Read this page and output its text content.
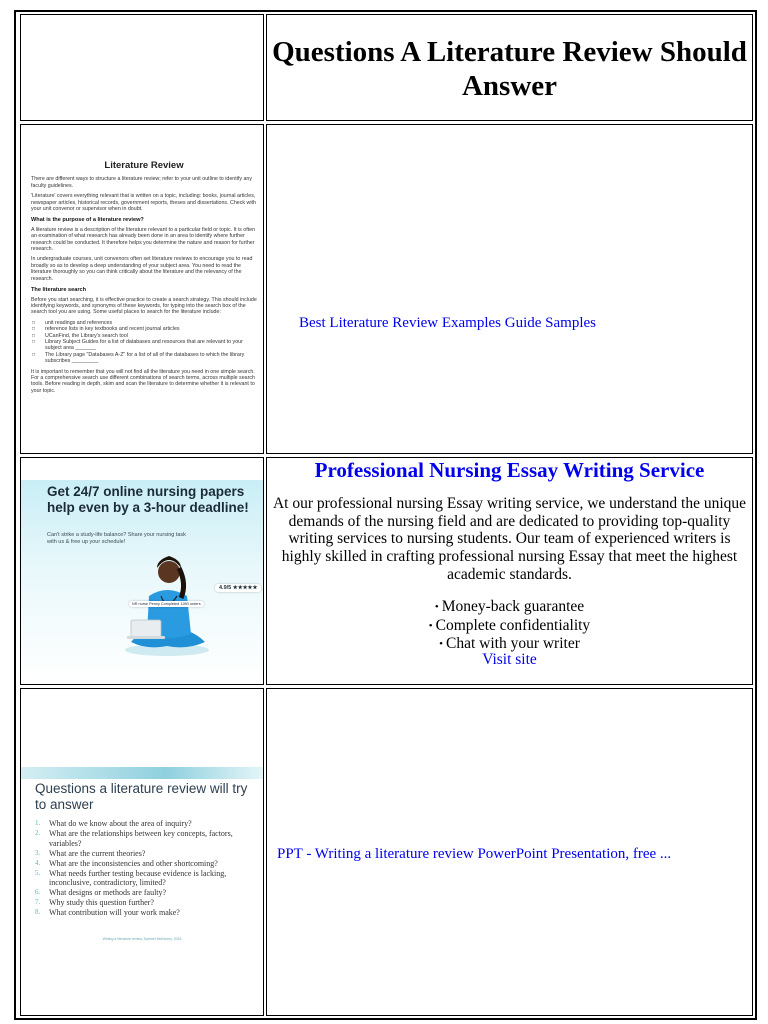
Questions A Literature Review Should Answer
Literature Review

There are different ways to structure a literature review; refer to your unit outline to identify any faculty guidelines.

'Literature' covers everything relevant that is written on a topic, including: books, journal articles, newspaper articles, historical records, government reports, theses and dissertations. Check with your unit convenor or supervisor when in doubt.

What is the purpose of a literature review?

A literature review is a description of the literature relevant to a particular field or topic. It is often an examination of what research has already been done in an area to identify where further research could be conducted. It therefore helps you determine the nature and reason for further research.

In undergraduate courses, unit convenors often set literature reviews to encourage you to read broadly so as to develop a deep understanding of your subject area. You need to read the literature thoroughly so you can think critically about the literature and the relevancy of the research.

The literature search

Before you start searching, it is effective practice to create a search strategy. This should include identifying keywords, and synonyms of these keywords, for typing into the search box of the search tool you are using. Some useful places to search for the literature include:

□ unit readings and references
□ reference lists in key textbooks and recent journal articles
□ UCanFind, the Library's search tool
□ Library Subject Guides for a list of databases and resources that are relevant to your subject area _______
□ The Library page "Databases A-Z" for a list of all of the databases to which the library subscribes _________

It is important to remember that you will not find all the literature you need in one simple search. For a comprehensive search use different combinations of search terms, across multiple search tools. Before reading in depth, skim and scan the literature to determine whether it is relevant to your topic.

Best Literature Review Examples Guide Samples
Get 24/7 online nursing papers help even by a 3-hour deadline!
Can't strike a study-life balance? Share your nursing task with us & free up your schedule!
4.9/5 ★★★★★
NR nurse Penny Completed 1280 orders
Professional Nursing Essay Writing Service

At our professional nursing Essay writing service, we understand the unique demands of the nursing field and are dedicated to providing top-quality writing services to nursing students. Our team of experienced writers is highly skilled in crafting professional nursing Essay that meet the highest academic standards.

• Money-back guarantee
• Complete confidentiality
• Chat with your writer
Visit site
Questions a literature review will try to answer
1. What do we know about the area of inquiry?
2. What are the relationships between key concepts, factors, variables?
3. What are the current theories?
4. What are the inconsistencies and other shortcoming?
5. What needs further testing because evidence is lacking, inconclusive, contradictory, limited?
6. What designs or methods are faulty?
7. Why study this question further?
8. What contribution will your work make?
Writing a literature review, Samuel McKinney, 2016
PPT - Writing a literature review PowerPoint Presentation, free ...
